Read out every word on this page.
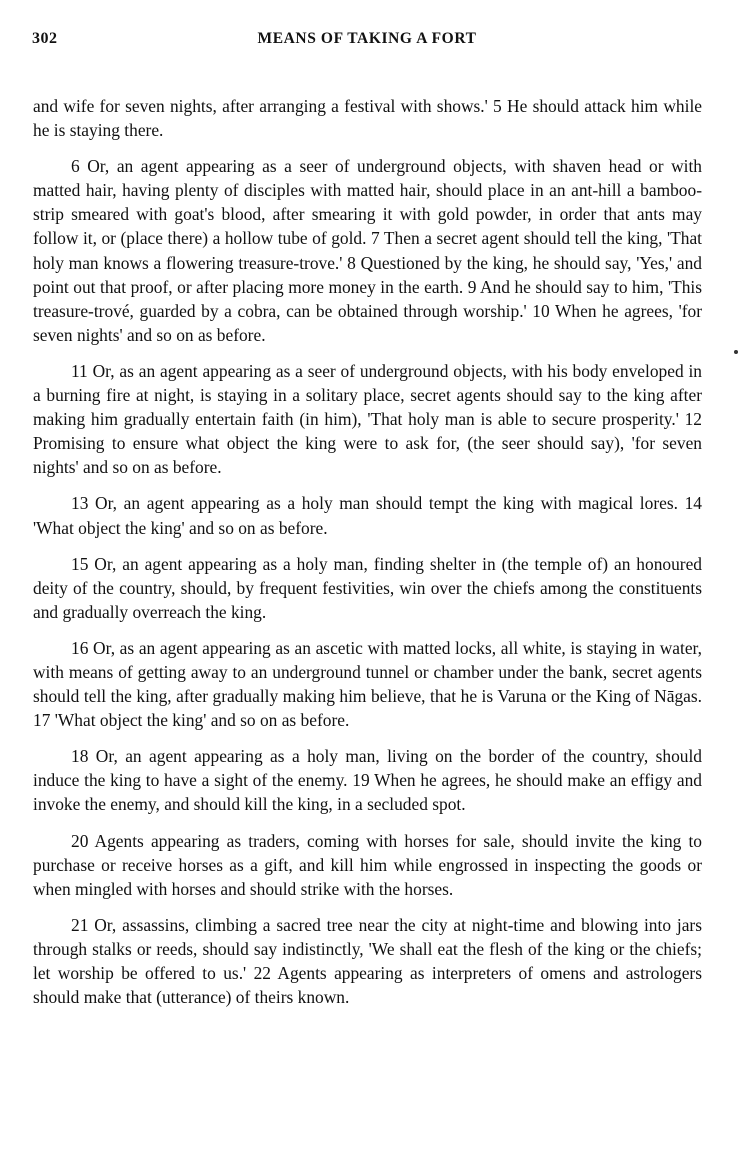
302	MEANS OF TAKING A FORT

and wife for seven nights, after arranging a festival with shows.' 5 He should attack him while he is staying there.

6 Or, an agent appearing as a seer of underground objects, with shaven head or with matted hair, having plenty of disciples with matted hair, should place in an ant-hill a bamboo-strip smeared with goat's blood, after smearing it with gold powder, in order that ants may follow it, or (place there) a hollow tube of gold. 7 Then a secret agent should tell the king, 'That holy man knows a flowering treasure-trove.' 8 Questioned by the king, he should say, 'Yes,' and point out that proof, or after placing more money in the earth. 9 And he should say to him, 'This treasure-trové, guarded by a cobra, can be obtained through worship.' 10 When he agrees, 'for seven nights' and so on as before.

11 Or, as an agent appearing as a seer of underground objects, with his body enveloped in a burning fire at night, is staying in a solitary place, secret agents should say to the king after making him gradually entertain faith (in him), 'That holy man is able to secure prosperity.' 12 Promising to ensure what object the king were to ask for, (the seer should say), 'for seven nights' and so on as before.

13 Or, an agent appearing as a holy man should tempt the king with magical lores. 14 'What object the king' and so on as before.

15 Or, an agent appearing as a holy man, finding shelter in (the temple of) an honoured deity of the country, should, by frequent festivities, win over the chiefs among the constituents and gradually overreach the king.

16 Or, as an agent appearing as an ascetic with matted locks, all white, is staying in water, with means of getting away to an underground tunnel or chamber under the bank, secret agents should tell the king, after gradually making him believe, that he is Varuna or the King of Nāgas. 17 'What object the king' and so on as before.

18 Or, an agent appearing as a holy man, living on the border of the country, should induce the king to have a sight of the enemy. 19 When he agrees, he should make an effigy and invoke the enemy, and should kill the king, in a secluded spot.

20 Agents appearing as traders, coming with horses for sale, should invite the king to purchase or receive horses as a gift, and kill him while engrossed in inspecting the goods or when mingled with horses and should strike with the horses.

21 Or, assassins, climbing a sacred tree near the city at night-time and blowing into jars through stalks or reeds, should say indistinctly, 'We shall eat the flesh of the king or the chiefs; let worship be offered to us.' 22 Agents appearing as interpreters of omens and astrologers should make that (utterance) of theirs known.
